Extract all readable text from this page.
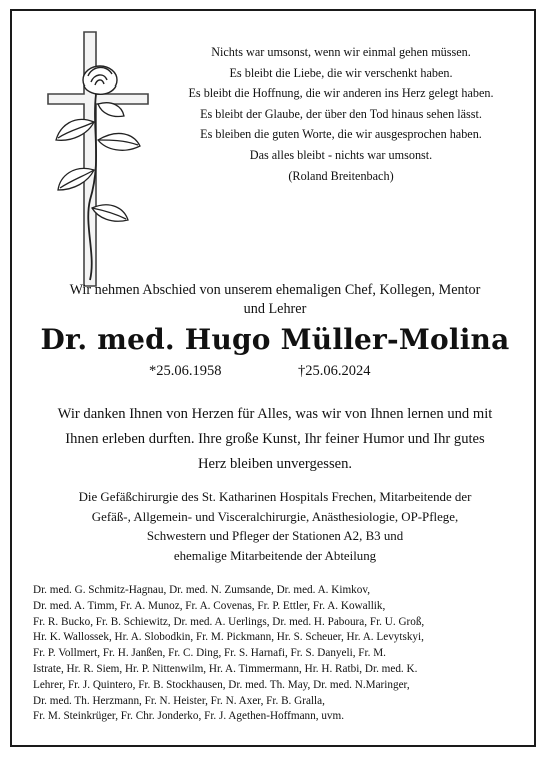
Nichts war umsonst, wenn wir einmal gehen müssen.
Es bleibt die Liebe, die wir verschenkt haben.
Es bleibt die Hoffnung, die wir anderen ins Herz gelegt haben.
Es bleibt der Glaube, der über den Tod hinaus sehen lässt.
Es bleiben die guten Worte, die wir ausgesprochen haben.
Das alles bleibt - nichts war umsonst.
(Roland Breitenbach)
Wir nehmen Abschied von unserem ehemaligen Chef, Kollegen, Mentor
und Lehrer
Dr. med. Hugo Müller-Molina
*25.06.1958	†25.06.2024
Wir danken Ihnen von Herzen für Alles, was wir von Ihnen lernen und mit
Ihnen erleben durften. Ihre große Kunst, Ihr feiner Humor und Ihr gutes
Herz bleiben unvergessen.
Die Gefäßchirurgie des St. Katharinen Hospitals Frechen, Mitarbeitende der
Gefäß-, Allgemein- und Visceralchirurgie, Anästhesiologie, OP-Pflege,
Schwestern und Pfleger der Stationen A2, B3 und
ehemalige Mitarbeitende der Abteilung
Dr. med. G. Schmitz-Hagnau, Dr. med. N. Zumsande, Dr. med. A. Kimkov,
Dr. med. A. Timm, Fr. A. Munoz, Fr. A. Covenas, Fr. P. Ettler, Fr. A. Kowallik,
Fr. R. Bucko, Fr. B. Schiewitz, Dr. med. A. Uerlings, Dr. med. H. Paboura, Fr. U. Groß,
Hr. K. Wallossek, Hr. A. Slobodkin, Fr. M. Pickmann, Hr. S. Scheuer, Hr. A. Levytskyi,
Fr. P. Vollmert, Fr. H. Janßen, Fr. C. Ding, Fr. S. Harnafi, Fr. S. Danyeli, Fr. M.
Istrate, Hr. R. Siem, Hr. P. Nittenwilm, Hr. A. Timmermann, Hr. H. Ratbi, Dr. med. K.
Lehrer, Fr. J. Quintero, Fr. B. Stockhausen, Dr. med. Th. May, Dr. med. N.Maringer,
Dr. med. Th. Herzmann, Fr. N. Heister, Fr. N. Axer, Fr. B. Gralla,
Fr. M. Steinkrüger, Fr. Chr. Jonderko, Fr. J. Agethen-Hoffmann, uvm.
